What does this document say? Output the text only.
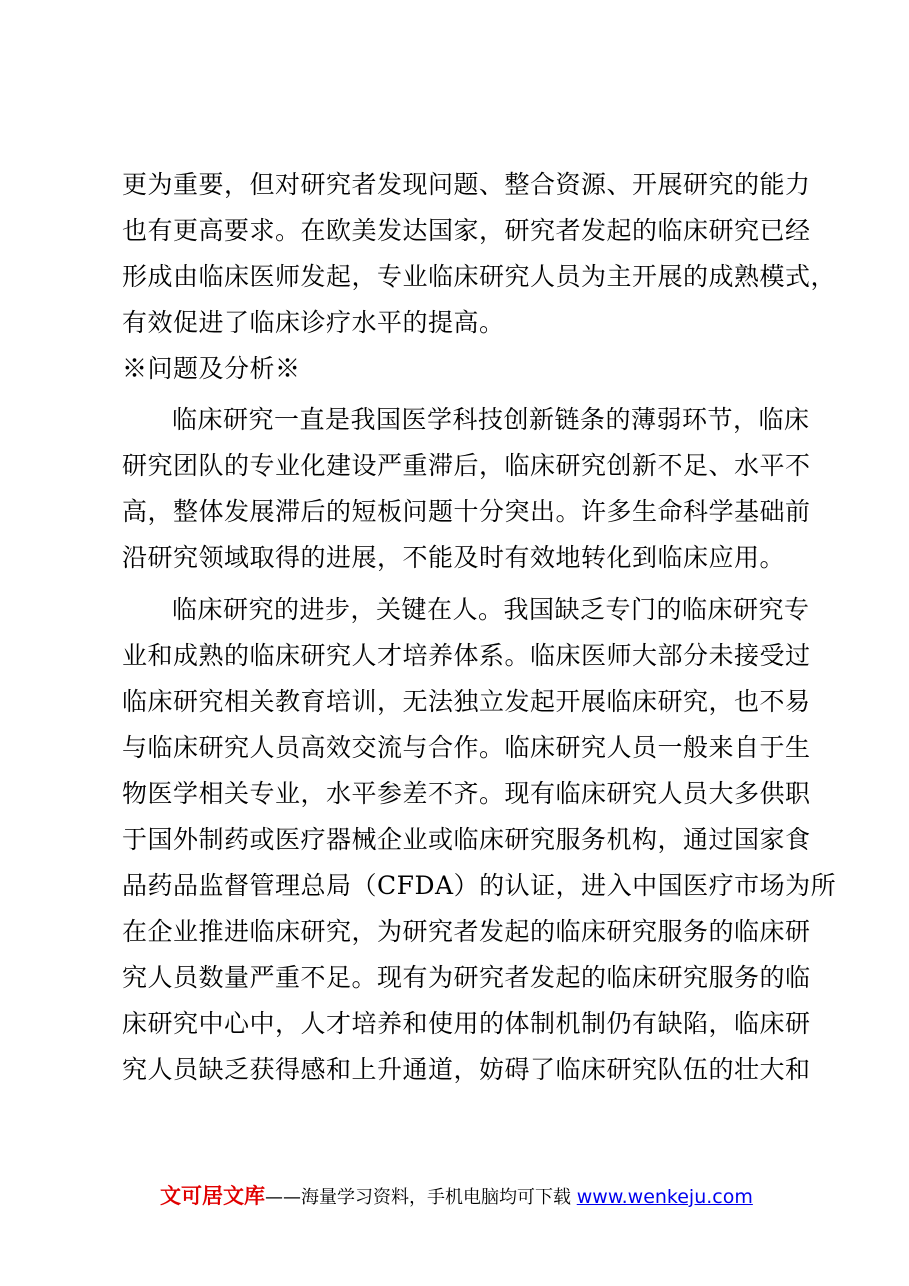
更为重要，但对研究者发现问题、整合资源、开展研究的能力
也有更高要求。在欧美发达国家，研究者发起的临床研究已经
形成由临床医师发起，专业临床研究人员为主开展的成熟模式，
有效促进了临床诊疗水平的提高。
※问题及分析※
临床研究一直是我国医学科技创新链条的薄弱环节，临床
研究团队的专业化建设严重滞后，临床研究创新不足、水平不
高，整体发展滞后的短板问题十分突出。许多生命科学基础前
沿研究领域取得的进展，不能及时有效地转化到临床应用。
临床研究的进步，关键在人。我国缺乏专门的临床研究专
业和成熟的临床研究人才培养体系。临床医师大部分未接受过
临床研究相关教育培训，无法独立发起开展临床研究，也不易
与临床研究人员高效交流与合作。临床研究人员一般来自于生
物医学相关专业，水平参差不齐。现有临床研究人员大多供职
于国外制药或医疗器械企业或临床研究服务机构，通过国家食
品药品监督管理总局（CFDA）的认证，进入中国医疗市场为所
在企业推进临床研究，为研究者发起的临床研究服务的临床研
究人员数量严重不足。现有为研究者发起的临床研究服务的临
床研究中心中，人才培养和使用的体制机制仍有缺陷，临床研
究人员缺乏获得感和上升通道，妨碍了临床研究队伍的壮大和
文可居文库——海量学习资料，手机电脑均可下载 www.wenkeju.com
